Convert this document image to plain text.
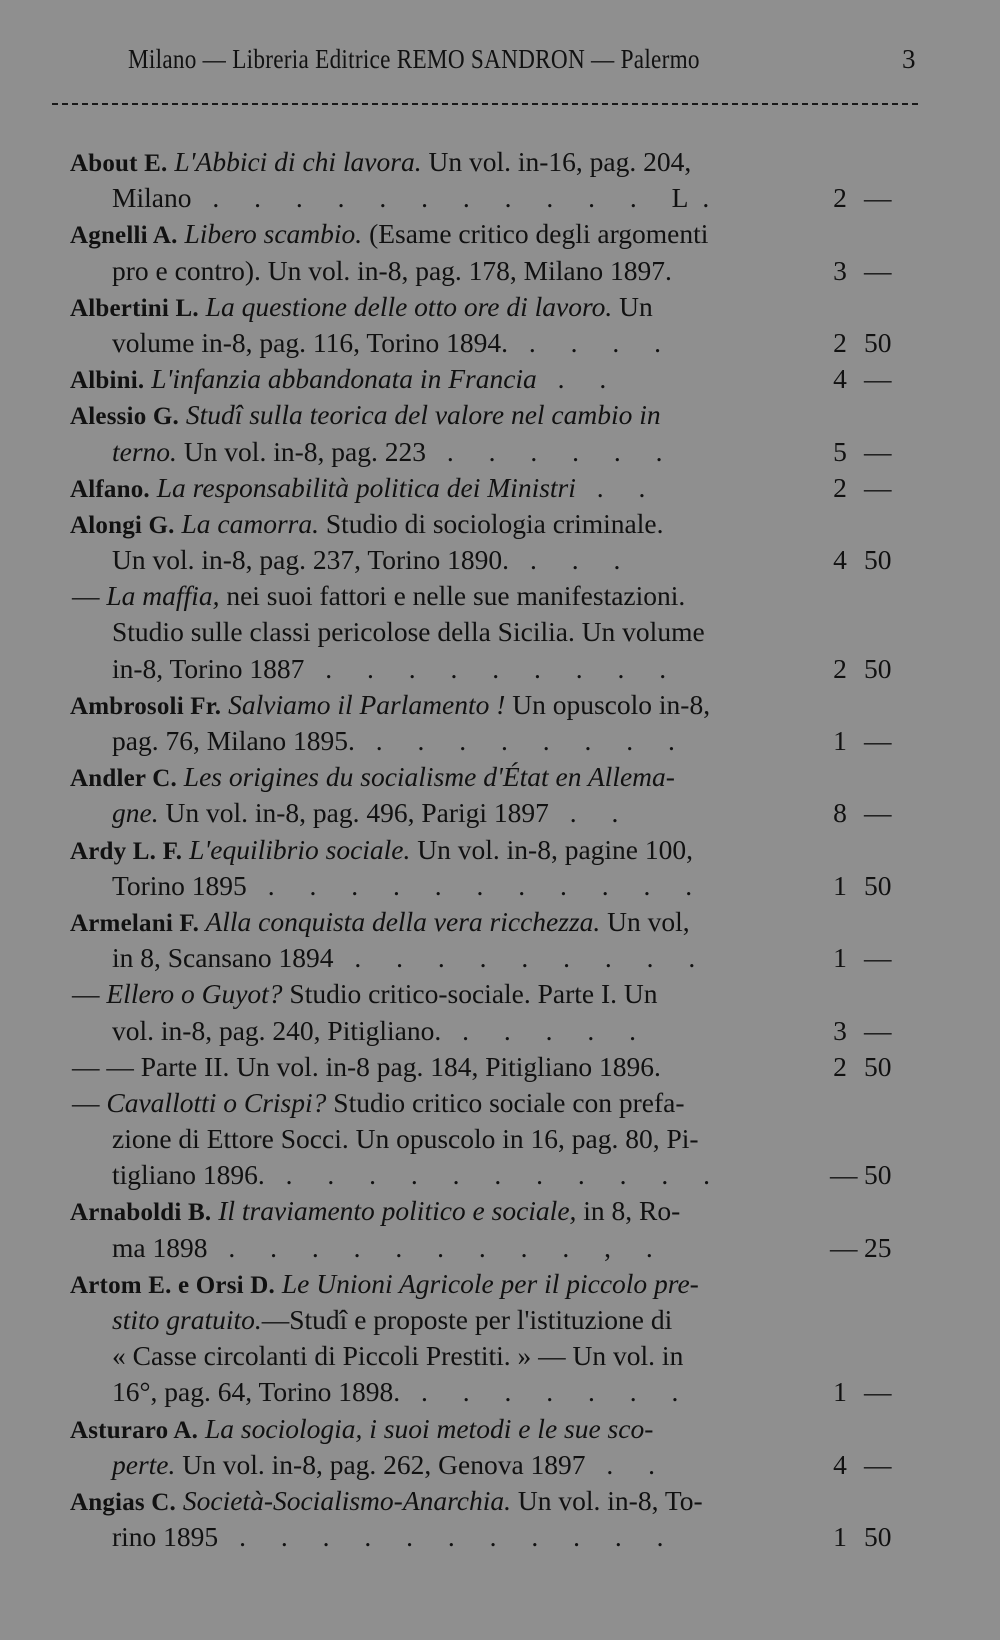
Milano — Libreria Editrice REMO SANDRON — Palermo	3
About E. L'Abbici di chi lavora. Un vol. in-16, pag. 204,
Milano . . . . . . . . . . . L.	2 —
Agnelli A. Libero scambio. (Esame critico degli argomenti
pro e contro). Un vol. in-8, pag. 178, Milano 1897.	3 —
Albertini L. La questione delle otto ore di lavoro. Un
volume in-8, pag. 116, Torino 1894. . . . .	2 50
Albini. L'infanzia abbandonata in Francia . .	4 —
Alessio G. Studî sulla teorica del valore nel cambio in
terno. Un vol. in-8, pag. 223 . . . . . .	5 —
Alfano. La responsabilità politica dei Ministri . .	2 —
Alongi G. La camorra. Studio di sociologia criminale.
Un vol. in-8, pag. 237, Torino 1890. . . .	4 50
— La maffia, nei suoi fattori e nelle sue manifestazioni.
Studio sulle classi pericolose della Sicilia. Un volume
in-8, Torino 1887 . . . . . . . . .	2 50
Ambrosoli Fr. Salviamo il Parlamento ! Un opuscolo in-8,
pag. 76, Milano 1895. . . . . . . . .	1 —
Andler C. Les origines du socialisme d'État en Allema-
gne. Un vol. in-8, pag. 496, Parigi 1897 . .	8 —
Ardy L. F. L'equilibrio sociale. Un vol. in-8, pagine 100,
Torino 1895 . . . . . . . . . . .	1 50
Armelani F. Alla conquista della vera ricchezza. Un vol,
in 8, Scansano 1894 . . . . . . . . .	1 —
— Ellero o Guyot? Studio critico-sociale. Parte I. Un
vol. in-8, pag. 240, Pitigliano. . . . . .	3 —
— — Parte II. Un vol. in-8 pag. 184, Pitigliano 1896.	2 50
— Cavallotti o Crispi? Studio critico sociale con prefa-
zione di Ettore Socci. Un opuscolo in 16, pag. 80, Pi-
tigliano 1896. . . . . . . . . . . .	— 50
Arnaboldi B. Il traviamento politico e sociale, in 8, Ro-
ma 1898 . . . . . . . . . , .	— 25
Artom E. e Orsi D. Le Unioni Agricole per il piccolo pre-
stito gratuito.—Studî e proposte per l'istituzione di
« Casse circolanti di Piccoli Prestiti. » — Un vol. in
16°, pag. 64, Torino 1898. . . . . . . .	1 —
Asturaro A. La sociologia, i suoi metodi e le sue sco-
perte. Un vol. in-8, pag. 262, Genova 1897 . .	4 —
Angias C. Società-Socialismo-Anarchia. Un vol. in-8, To-
rino 1895 . . . . . . . . . . .	1 50
